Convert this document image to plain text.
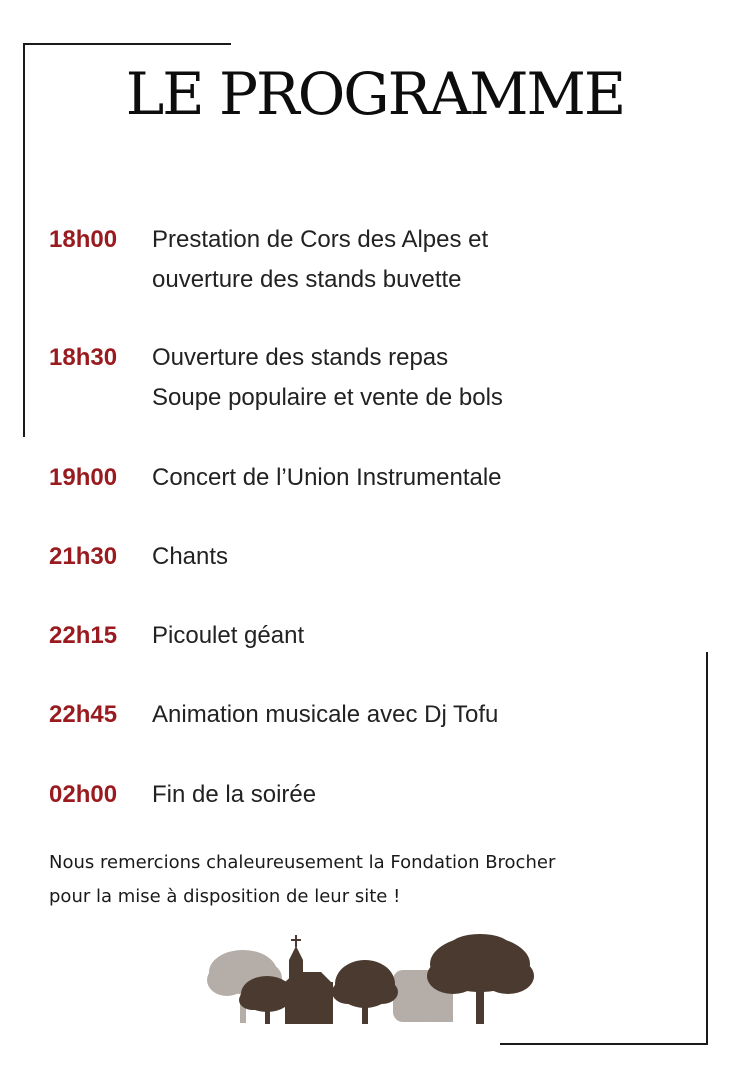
LE PROGRAMME
18h00 Prestation de Cors des Alpes et
ouverture des stands buvette
18h30 Ouverture des stands repas
Soupe populaire et vente de bols
19h00 Concert de l’Union Instrumentale
21h30 Chants
22h15 Picoulet géant
22h45 Animation musicale avec Dj Tofu
02h00 Fin de la soirée
Nous remercions chaleureusement la Fondation Brocher
pour la mise à disposition de leur site !
